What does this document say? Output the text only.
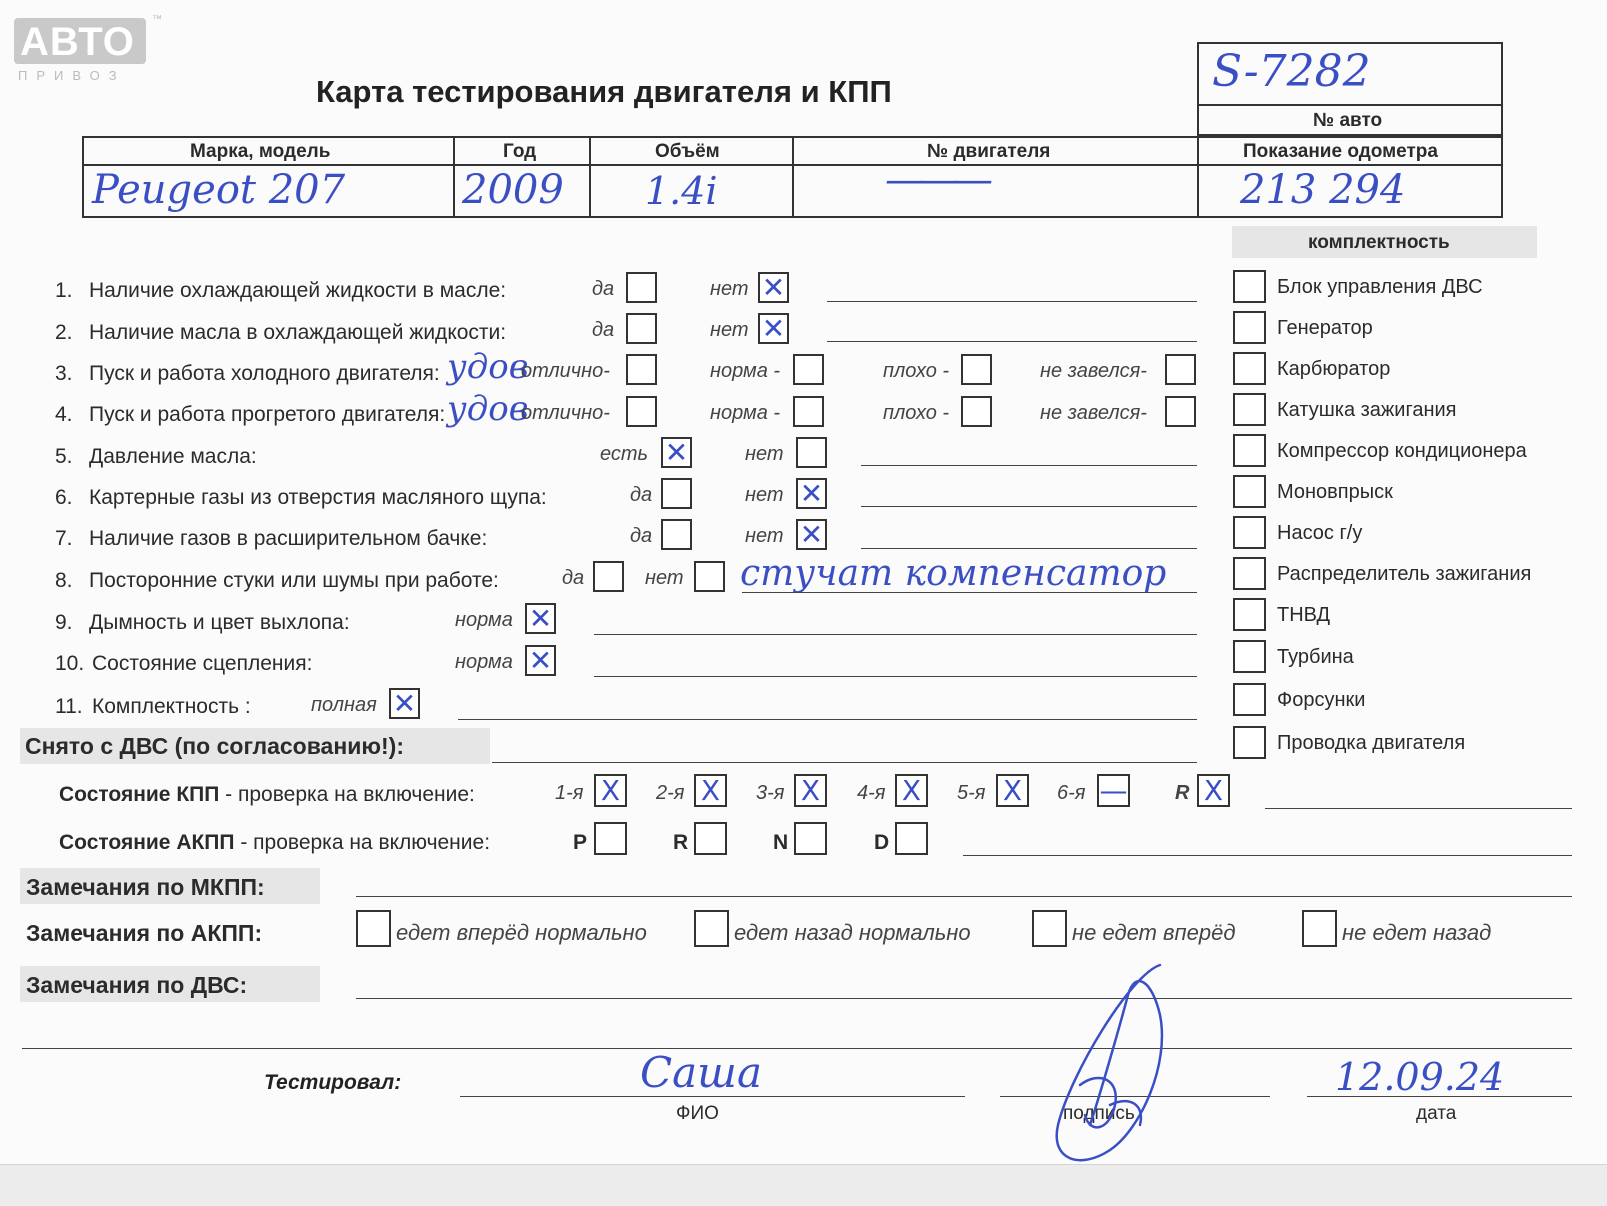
АВТО
ПРИВОЗ
™
Карта тестирования двигателя и КПП	S-7282
№ авто
Марка, модель	Год	Объём	№ двигателя	Показание одометра
Peugeot 207	2009 1.4i	———	213 294
комплектность
1. Наличие охлаждающей жидкости в масле:	да	нет ✕
2. Наличие масла в охлаждающей жидкости:	да	нет ✕
3. Пуск и работа холодного двигателя: удов
отлично-	норма -	плохо -	не завелся-
4. Пуск и работа прогретого двигателя: удов
отлично-	норма -	плохо -	не завелся-
5. Давление масла:	есть ✕	нет
6. Картерные газы из отверстия масляного щупа:	да	нет ✕
7. Наличие газов в расширительном бачке:	да	нет ✕
8. Посторонние стуки или шумы при работе:	да	нет стучат компенсатор
9. Дымность и цвет выхлопа:	норма ✕
10. Состояние сцепления:	норма ✕
11. Комплектность :	полная ✕
Блок управления ДВС
Генератор
Карбюратор
Катушка зажигания
Компрессор кондиционера
Моновпрыск
Насос г/у
Распределитель зажигания
ТНВД
Турбина
Форсунки
Проводка двигателя
Снято с ДВС (по согласованию!):
Состояние КПП - проверка на включение:	1-я X 2-я X 3-я X 4-я X 5-я X 6-я — R X
Состояние АКПП - проверка на включение:	P	R	N	D
Замечания по МКПП:
Замечания по АКПП:	едет вперёд нормально	едет назад нормально	не едет вперёд	не едет назад
Замечания по ДВС:
Тестировал:	Саша
ФИО	подпись
12.09.24
дата
